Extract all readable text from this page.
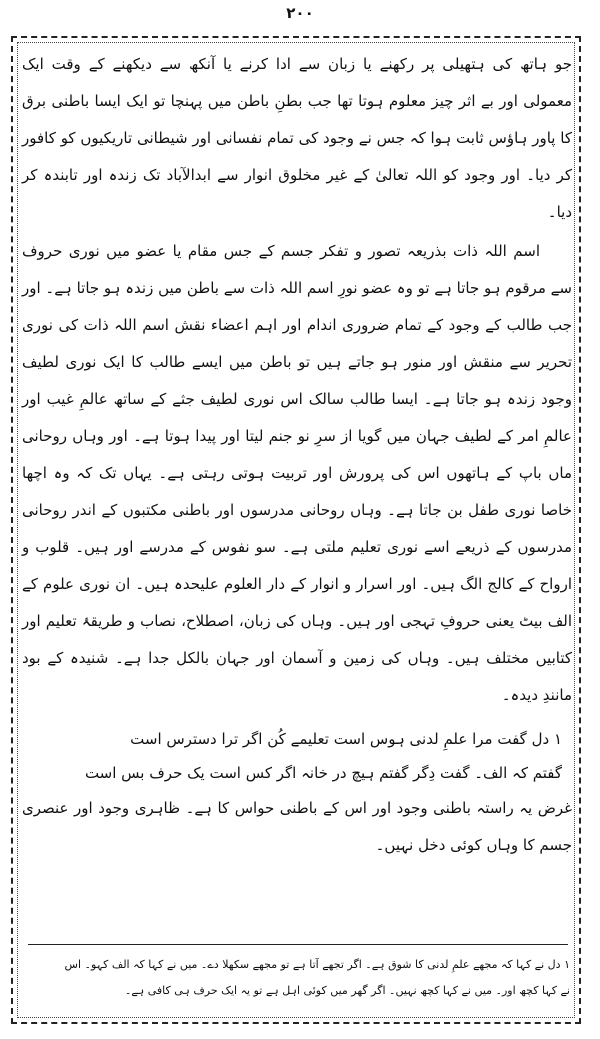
۲۰۰

جو ہاتھ کی ہتھیلی پر رکھنے یا زبان سے ادا کرنے یا آنکھ سے دیکھنے کے وقت ایک معمولی اور بے اثر چیز معلوم ہوتا تھا جب بطنِ باطن میں پہنچا تو ایک ایسا باطنی برق کا پاور ہاؤس ثابت ہوا کہ جس نے وجود کی تمام نفسانی اور شیطانی تاریکیوں کو کافور کر دیا۔ اور وجود کو اللہ تعالیٰ کے غیر مخلوق انوار سے ابدالآباد تک زندہ اور تابندہ کر دیا۔

اسم اللہ ذات بذریعہ تصور و تفکر جسم کے جس مقام یا عضو میں نوری حروف سے مرقوم ہو جاتا ہے تو وہ عضو نورِ اسم اللہ ذات سے باطن میں زندہ ہو جاتا ہے۔ اور جب طالب کے وجود کے تمام ضروری اندام اور اہم اعضاء نقش اسم اللہ ذات کی نوری تحریر سے منقش اور منور ہو جاتے ہیں تو باطن میں ایسے طالب کا ایک نوری لطیف وجود زندہ ہو جاتا ہے۔ ایسا طالب سالک اس نوری لطیف جثے کے ساتھ عالمِ غیب اور عالمِ امر کے لطیف جہان میں گویا از سرِ نو جنم لیتا اور پیدا ہوتا ہے۔ اور وہاں روحانی ماں باپ کے ہاتھوں اس کی پرورش اور تربیت ہوتی رہتی ہے۔ یہاں تک کہ وہ اچھا خاصا نوری طفل بن جاتا ہے۔ وہاں روحانی مدرسوں اور باطنی مکتبوں کے اندر روحانی مدرسوں کے ذریعے اسے نوری تعلیم ملتی ہے۔ سو نفوس کے مدرسے اور ہیں۔ قلوب و ارواح کے کالج الگ ہیں۔ اور اسرار و انوار کے دار العلوم علیحدہ ہیں۔ ان نوری علوم کے الف بیٹ یعنی حروفِ تہجی اور ہیں۔ وہاں کی زبان، اصطلاح، نصاب و طریقۂ تعلیم اور کتابیں مختلف ہیں۔ وہاں کی زمین و آسمان اور جہان بالکل جدا ہے۔ شنیدہ کے بود مانندِ دیدہ۔

۱ دل گفت مرا علمِ لدنی ہوس است تعلیمے کُن اگر ترا دسترس است
گفتم کہ الف۔ گفت دِگر گفتم ہیچ در خانہ اگر کس است یک حرف بس است

غرض یہ راستہ باطنی وجود اور اس کے باطنی حواس کا ہے۔ ظاہری وجود اور عنصری جسم کا وہاں کوئی دخل نہیں۔

۱ دل نے کہا کہ مجھے علمِ لدنی کا شوق ہے۔ اگر تجھے آتا ہے تو مجھے سکھلا دے۔ میں نے کہا کہ الف کہو۔ اس
نے کہا کچھ اور۔ میں نے کہا کچھ نہیں۔ اگر گھر میں کوئی اہل ہے تو یہ ایک حرف ہی کافی ہے۔
